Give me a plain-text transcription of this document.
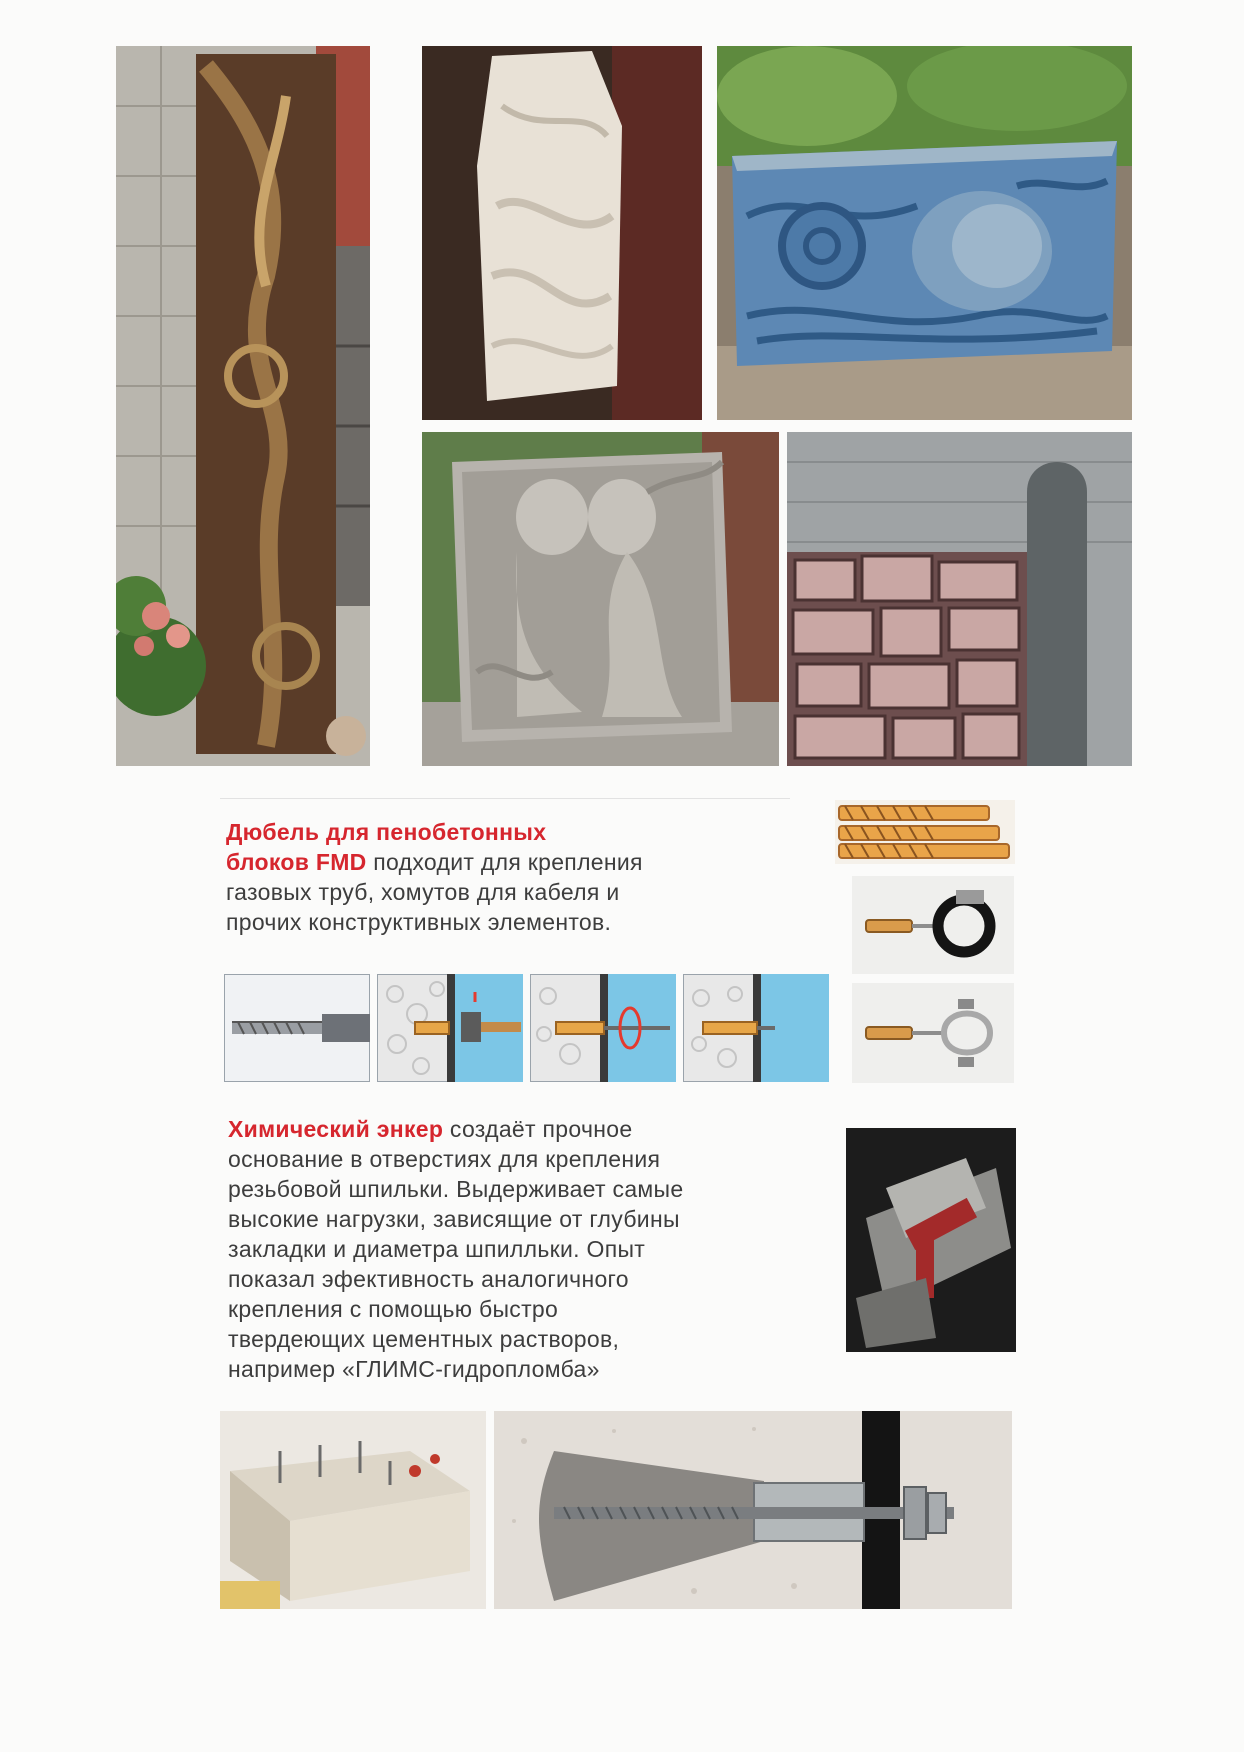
Дюбель для пенобетонных
блоков FMD подходит для крепления
газовых труб, хомутов для кабеля и
прочих конструктивных элементов.
Химический энкер создаёт прочное
основание в отверстиях для крепления
резьбовой шпильки. Выдерживает самые
высокие нагрузки, зависящие от глубины
закладки и диаметра шпилльки. Опыт
показал эфективность аналогичного
крепления с помощью быстро
твердеющих цементных растворов,
например «ГЛИМС-гидропломба»
